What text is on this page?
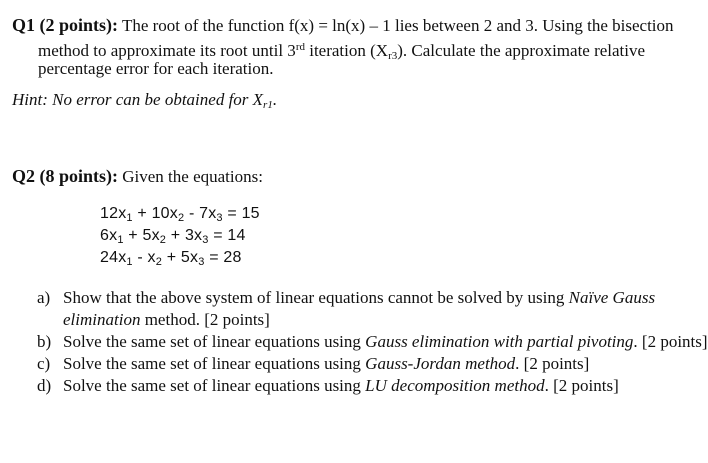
Q1 (2 points): The root of the function f(x) = ln(x) – 1 lies between 2 and 3. Using the bisection
method to approximate its root until 3rd iteration $(X_{r3})$. Calculate the approximate relative
percentage error for each iteration.
Hint: No error can be obtained for $X_{r1}$.
Q2 (8 points): Given the equations:
$12x_1 + 10x_2 - 7x_3 = 15$
$6x_1 + 5x_2 + 3x_3 = 14$
$24x_1 - x_2 + 5x_3 = 28$
a) Show that the above system of linear equations cannot be solved by using Naïve Gauss
elimination method. [2 points]
b) Solve the same set of linear equations using Gauss elimination with partial pivoting. [2 points]
c) Solve the same set of linear equations using Gauss-Jordan method. [2 points]
d) Solve the same set of linear equations using LU decomposition method. [2 points]
